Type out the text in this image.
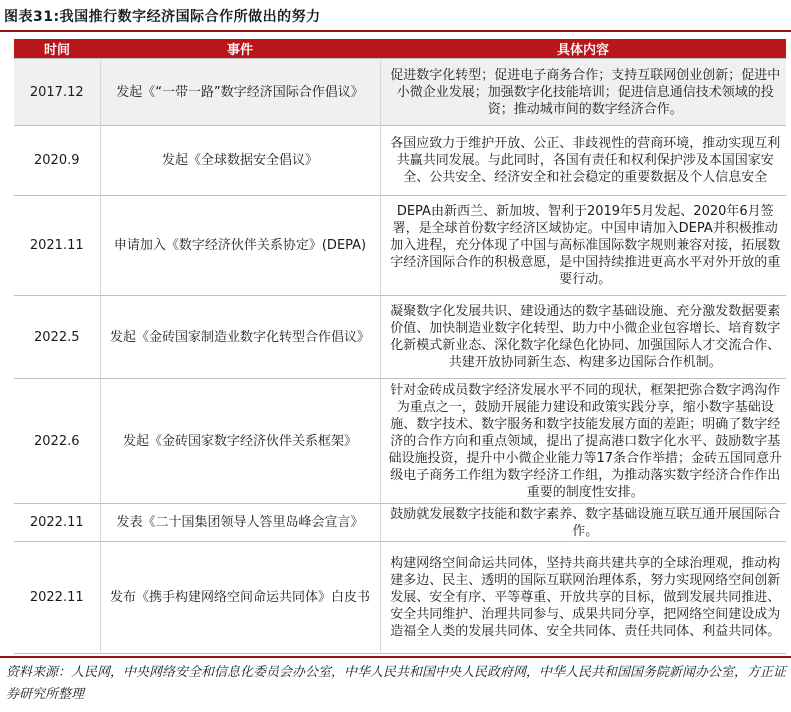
图表31:我国推行数字经济国际合作所做出的努力
时间	事件	具体内容
2017.12	发起《“一带一路”数字经济国际合作倡议》	促进数字化转型；促进电子商务合作；支持互联网创业创新；促进中小微企业发展；加强数字化技能培训；促进信息通信技术领域的投资；推动城市间的数字经济合作。
2020.9	发起《全球数据安全倡议》	各国应致力于维护开放、公正、非歧视性的营商环境，推动实现互利共赢共同发展。与此同时，各国有责任和权利保护涉及本国国家安全、公共安全、经济安全和社会稳定的重要数据及个人信息安全
2021.11	申请加入《数字经济伙伴关系协定》(DEPA)	DEPA由新西兰、新加坡、智利于2019年5月发起、2020年6月签署，是全球首份数字经济区域协定。中国申请加入DEPA并积极推动加入进程，充分体现了中国与高标准国际数字规则兼容对接，拓展数字经济国际合作的积极意愿，是中国持续推进更高水平对外开放的重要行动。
2022.5	发起《金砖国家制造业数字化转型合作倡议》	凝聚数字化发展共识、建设通达的数字基础设施、充分激发数据要素价值、加快制造业数字化转型、助力中小微企业包容增长、培育数字化新模式新业态、深化数字化绿色化协同、加强国际人才交流合作、共建开放协同新生态、构建多边国际合作机制。
2022.6	发起《金砖国家数字经济伙伴关系框架》	针对金砖成员数字经济发展水平不同的现状，框架把弥合数字鸿沟作为重点之一，鼓励开展能力建设和政策实践分享，缩小数字基础设施、数字技术、数字服务和数字技能发展方面的差距；明确了数字经济的合作方向和重点领域，提出了提高港口数字化水平、鼓励数字基础设施投资，提升中小微企业能力等17条合作举措；金砖五国同意升级电子商务工作组为数字经济工作组，为推动落实数字经济合作作出重要的制度性安排。
2022.11	发表《二十国集团领导人答里岛峰会宣言》	鼓励就发展数字技能和数字素养、数字基础设施互联互通开展国际合作。
2022.11	发布《携手构建网络空间命运共同体》白皮书	构建网络空间命运共同体，坚持共商共建共享的全球治理观，推动构建多边、民主、透明的国际互联网治理体系，努力实现网络空间创新发展、安全有序、平等尊重、开放共享的目标，做到发展共同推进、安全共同维护、治理共同参与、成果共同分享，把网络空间建设成为造福全人类的发展共同体、安全共同体、责任共同体、利益共同体。
资料来源：人民网，中央网络安全和信息化委员会办公室，中华人民共和国中央人民政府网，中华人民共和国国务院新闻办公室，方正证券研究所整理
